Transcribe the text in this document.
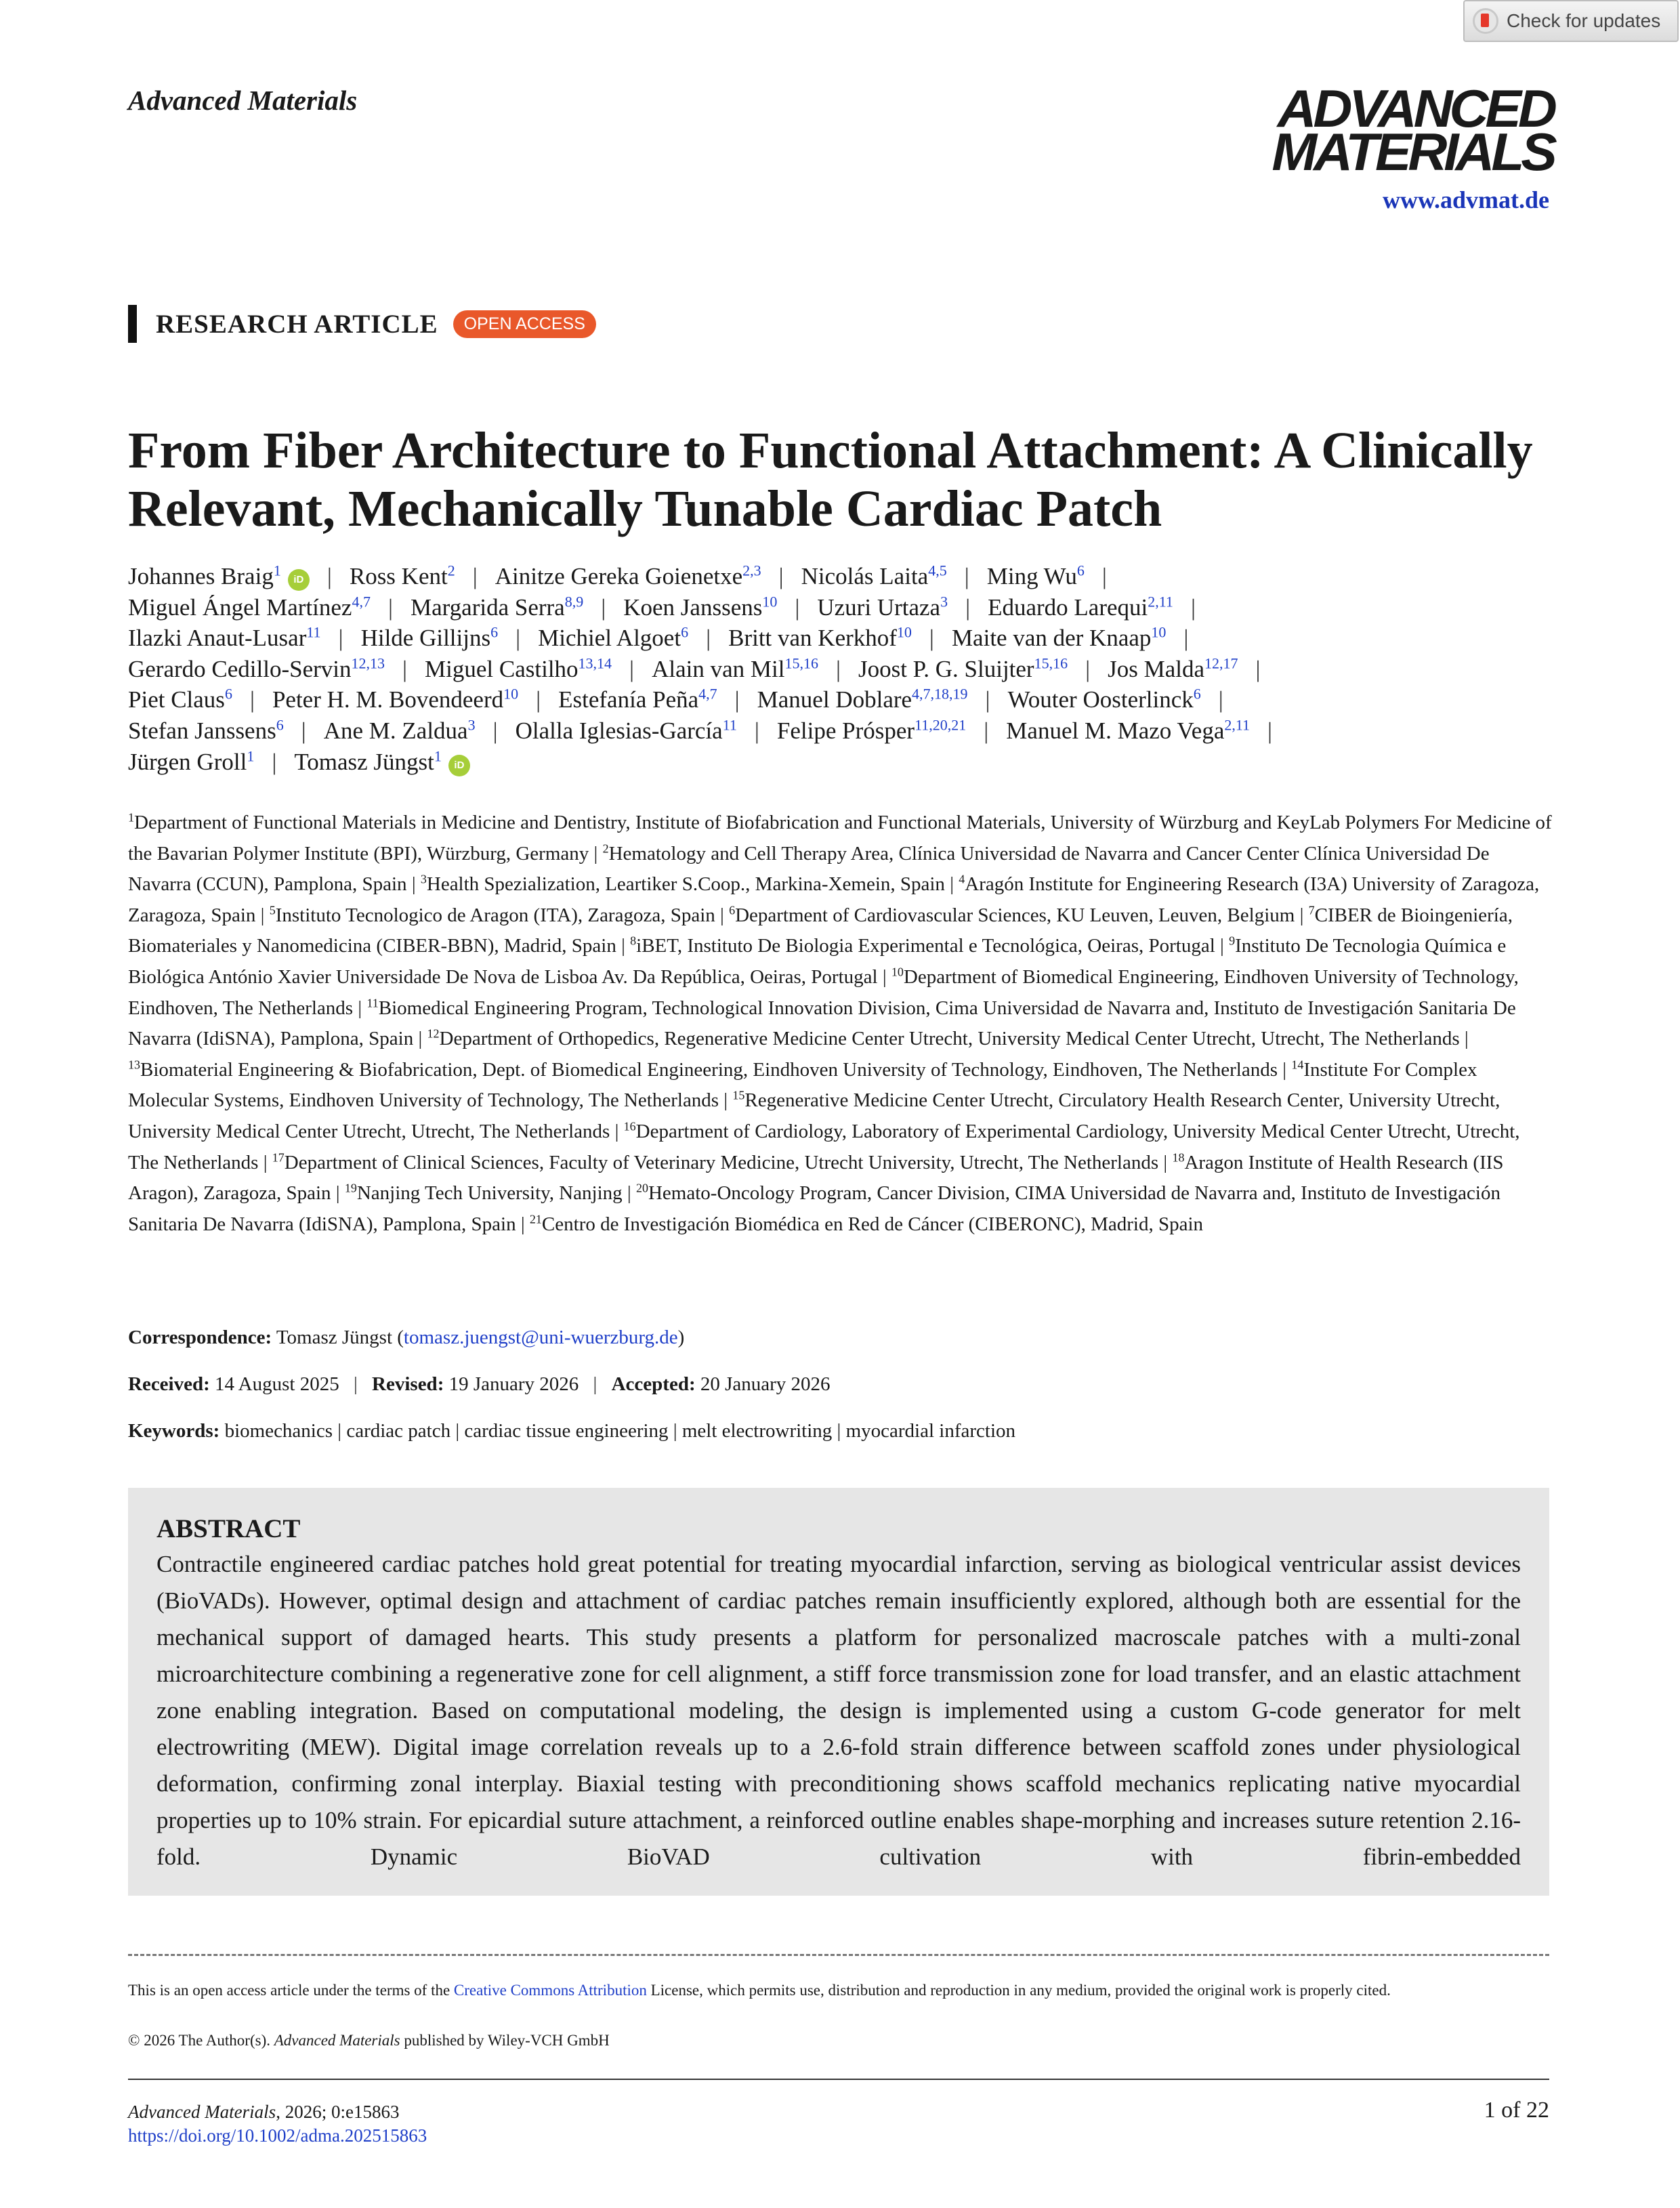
Check for updates
Advanced Materials	ADVANCED
MATERIALS
www.advmat.de
RESEARCH ARTICLE	OPEN ACCESS
From Fiber Architecture to Functional Attachment: A Clinically Relevant, Mechanically Tunable Cardiac Patch
Johannes Braig$^1$iD | Ross Kent$^2$ | Ainitze Gereka Goienetxe$^{2,3}$ | Nicolás Laita$^{4,5}$ | Ming Wu$^6$ |
Miguel Ángel Martínez$^{4,7}$ | Margarida Serra$^{8,9}$ | Koen Janssens$^{10}$ | Uzuri Urtaza$^3$ | Eduardo Larequi$^{2,11}$ |
Ilazki Anaut-Lusar$^{11}$ | Hilde Gillijns$^6$ | Michiel Algoet$^6$ | Britt van Kerkhof$^{10}$ | Maite van der Knaap$^{10}$ |
Gerardo Cedillo-Servin$^{12,13}$ | Miguel Castilho$^{13,14}$ | Alain van Mil$^{15,16}$ | Joost P. G. Sluijter$^{15,16}$ | Jos Malda$^{12,17}$ |
Piet Claus$^6$ | Peter H. M. Bovendeerd$^{10}$ | Estefanía Peña$^{4,7}$ | Manuel Doblare$^{4,7,18,19}$ | Wouter Oosterlinck$^6$ |
Stefan Janssens$^6$ | Ane M. Zaldua$^3$ | Olalla Iglesias-García$^{11}$ | Felipe Prósper$^{11,20,21}$ | Manuel M. Mazo Vega$^{2,11}$ |
Jürgen Groll$^1$ | Tomasz Jüngst$^1$iD
$^1$Department of Functional Materials in Medicine and Dentistry, Institute of Biofabrication and Functional Materials, University of Würzburg and KeyLab Polymers For Medicine of the Bavarian Polymer Institute (BPI), Würzburg, Germany | $^2$Hematology and Cell Therapy Area, Clínica Universidad de Navarra and Cancer Center Clínica Universidad De Navarra (CCUN), Pamplona, Spain | $^3$Health Spezialization, Leartiker S.Coop., Markina-Xemein, Spain | $^4$Aragón Institute for Engineering Research (I3A) University of Zaragoza, Zaragoza, Spain | $^5$Instituto Tecnologico de Aragon (ITA), Zaragoza, Spain | $^6$Department of Cardiovascular Sciences, KU Leuven, Leuven, Belgium | $^7$CIBER de Bioingeniería, Biomateriales y Nanomedicina (CIBER-BBN), Madrid, Spain | $^8$iBET, Instituto De Biologia Experimental e Tecnológica, Oeiras, Portugal | $^9$Instituto De Tecnologia Química e Biológica António Xavier Universidade De Nova de Lisboa Av. Da República, Oeiras, Portugal | $^{10}$Department of Biomedical Engineering, Eindhoven University of Technology, Eindhoven, The Netherlands | $^{11}$Biomedical Engineering Program, Technological Innovation Division, Cima Universidad de Navarra and, Instituto de Investigación Sanitaria De Navarra (IdiSNA), Pamplona, Spain | $^{12}$Department of Orthopedics, Regenerative Medicine Center Utrecht, University Medical Center Utrecht, Utrecht, The Netherlands | $^{13}$Biomaterial Engineering & Biofabrication, Dept. of Biomedical Engineering, Eindhoven University of Technology, Eindhoven, The Netherlands | $^{14}$Institute For Complex Molecular Systems, Eindhoven University of Technology, The Netherlands | $^{15}$Regenerative Medicine Center Utrecht, Circulatory Health Research Center, University Utrecht, University Medical Center Utrecht, Utrecht, The Netherlands | $^{16}$Department of Cardiology, Laboratory of Experimental Cardiology, University Medical Center Utrecht, Utrecht, The Netherlands | $^{17}$Department of Clinical Sciences, Faculty of Veterinary Medicine, Utrecht University, Utrecht, The Netherlands | $^{18}$Aragon Institute of Health Research (IIS Aragon), Zaragoza, Spain | $^{19}$Nanjing Tech University, Nanjing | $^{20}$Hemato-Oncology Program, Cancer Division, CIMA Universidad de Navarra and, Instituto de Investigación Sanitaria De Navarra (IdiSNA), Pamplona, Spain | $^{21}$Centro de Investigación Biomédica en Red de Cáncer (CIBERONC), Madrid, Spain
Correspondence: Tomasz Jüngst (tomasz.juengst@uni-wuerzburg.de)
Received: 14 August 2025 | Revised: 19 January 2026 | Accepted: 20 January 2026
Keywords: biomechanics | cardiac patch | cardiac tissue engineering | melt electrowriting | myocardial infarction
ABSTRACT

Contractile engineered cardiac patches hold great potential for treating myocardial infarction, serving as biological ventricular assist devices (BioVADs). However, optimal design and attachment of cardiac patches remain insufficiently explored, although both are essential for the mechanical support of damaged hearts. This study presents a platform for personalized macroscale patches with a multi-zonal microarchitecture combining a regenerative zone for cell alignment, a stiff force transmission zone for load transfer, and an elastic attachment zone enabling integration. Based on computational modeling, the design is implemented using a custom G-code generator for melt electrowriting (MEW). Digital image correlation reveals up to a 2.6-fold strain difference between scaffold zones under physiological deformation, confirming zonal interplay. Biaxial testing with preconditioning shows scaffold mechanics replicating native myocardial properties up to 10% strain. For epicardial suture attachment, a reinforced outline enables shape-morphing and increases suture retention 2.16-fold. Dynamic BioVAD cultivation with fibrin-embedded

This is an open access article under the terms of the Creative Commons Attribution License, which permits use, distribution and reproduction in any medium, provided the original work is properly cited.
© 2026 The Author(s). Advanced Materials published by Wiley-VCH GmbH
Advanced Materials, 2026; 0:e15863
https://doi.org/10.1002/adma.202515863
1 of 22
